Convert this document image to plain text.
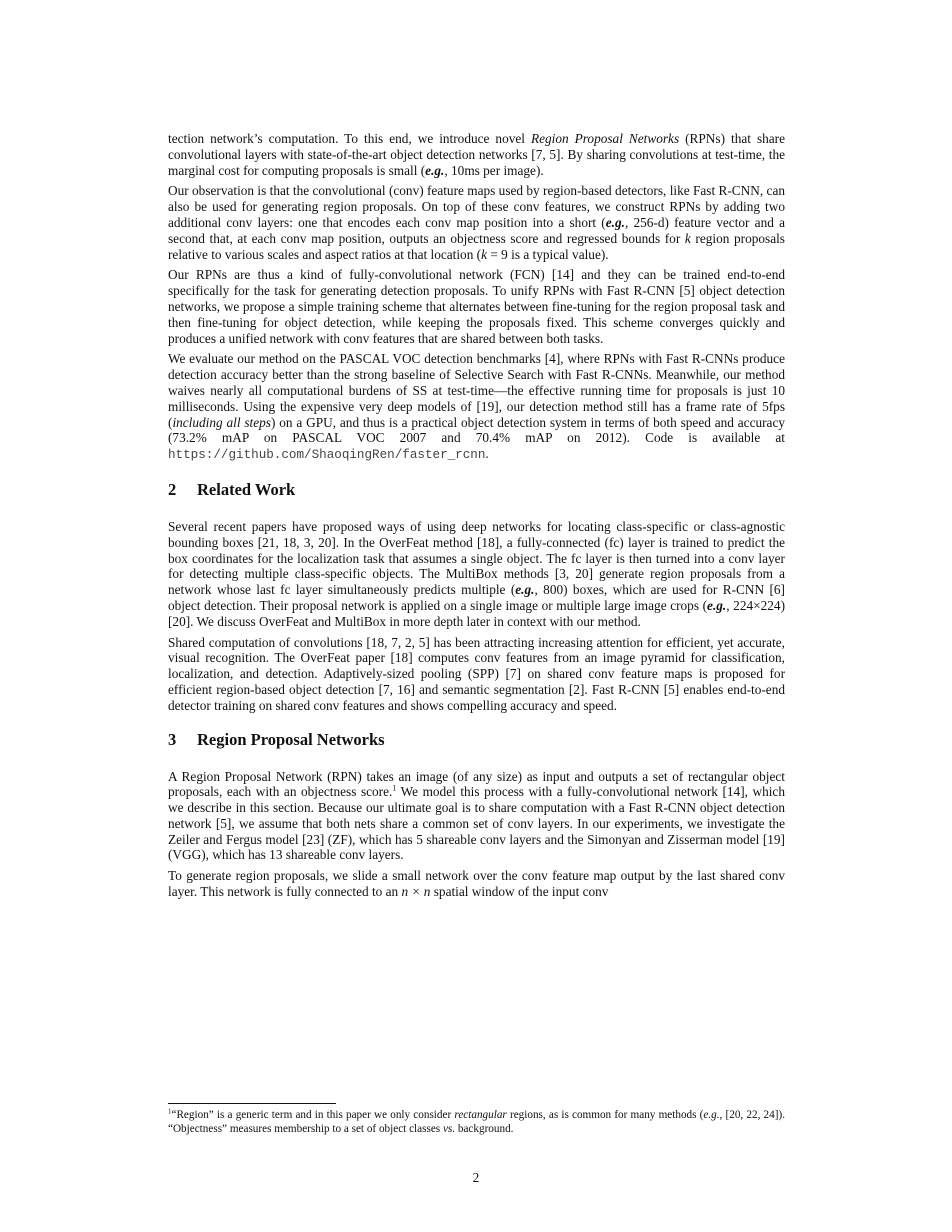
tection network’s computation. To this end, we introduce novel Region Proposal Networks (RPNs) that share convolutional layers with state-of-the-art object detection networks [7, 5]. By sharing convolutions at test-time, the marginal cost for computing proposals is small (e.g., 10ms per image).

Our observation is that the convolutional (conv) feature maps used by region-based detectors, like Fast R-CNN, can also be used for generating region proposals. On top of these conv features, we construct RPNs by adding two additional conv layers: one that encodes each conv map position into a short (e.g., 256-d) feature vector and a second that, at each conv map position, outputs an objectness score and regressed bounds for k region proposals relative to various scales and aspect ratios at that location (k = 9 is a typical value).

Our RPNs are thus a kind of fully-convolutional network (FCN) [14] and they can be trained end-to-end specifically for the task for generating detection proposals. To unify RPNs with Fast R-CNN [5] object detection networks, we propose a simple training scheme that alternates between fine-tuning for the region proposal task and then fine-tuning for object detection, while keeping the proposals fixed. This scheme converges quickly and produces a unified network with conv features that are shared between both tasks.

We evaluate our method on the PASCAL VOC detection benchmarks [4], where RPNs with Fast R-CNNs produce detection accuracy better than the strong baseline of Selective Search with Fast R-CNNs. Meanwhile, our method waives nearly all computational burdens of SS at test-time—the effective running time for proposals is just 10 milliseconds. Using the expensive very deep models of [19], our detection method still has a frame rate of 5fps (including all steps) on a GPU, and thus is a practical object detection system in terms of both speed and accuracy (73.2% mAP on PASCAL VOC 2007 and 70.4% mAP on 2012). Code is available at https://github.com/ShaoqingRen/faster_rcnn.

2 Related Work

Several recent papers have proposed ways of using deep networks for locating class-specific or class-agnostic bounding boxes [21, 18, 3, 20]. In the OverFeat method [18], a fully-connected (fc) layer is trained to predict the box coordinates for the localization task that assumes a single object. The fc layer is then turned into a conv layer for detecting multiple class-specific objects. The MultiBox methods [3, 20] generate region proposals from a network whose last fc layer simultaneously predicts multiple (e.g., 800) boxes, which are used for R-CNN [6] object detection. Their proposal network is applied on a single image or multiple large image crops (e.g., 224×224) [20]. We discuss OverFeat and MultiBox in more depth later in context with our method.

Shared computation of convolutions [18, 7, 2, 5] has been attracting increasing attention for efficient, yet accurate, visual recognition. The OverFeat paper [18] computes conv features from an image pyramid for classification, localization, and detection. Adaptively-sized pooling (SPP) [7] on shared conv feature maps is proposed for efficient region-based object detection [7, 16] and semantic segmentation [2]. Fast R-CNN [5] enables end-to-end detector training on shared conv features and shows compelling accuracy and speed.

3 Region Proposal Networks

A Region Proposal Network (RPN) takes an image (of any size) as input and outputs a set of rectangular object proposals, each with an objectness score.$^1$ We model this process with a fully-convolutional network [14], which we describe in this section. Because our ultimate goal is to share computation with a Fast R-CNN object detection network [5], we assume that both nets share a common set of conv layers. In our experiments, we investigate the Zeiler and Fergus model [23] (ZF), which has 5 shareable conv layers and the Simonyan and Zisserman model [19] (VGG), which has 13 shareable conv layers.

To generate region proposals, we slide a small network over the conv feature map output by the last shared conv layer. This network is fully connected to an n × n spatial window of the input conv

$^1$“Region” is a generic term and in this paper we only consider rectangular regions, as is common for many methods (e.g., [20, 22, 24]). “Objectness” measures membership to a set of object classes vs. background.
2
